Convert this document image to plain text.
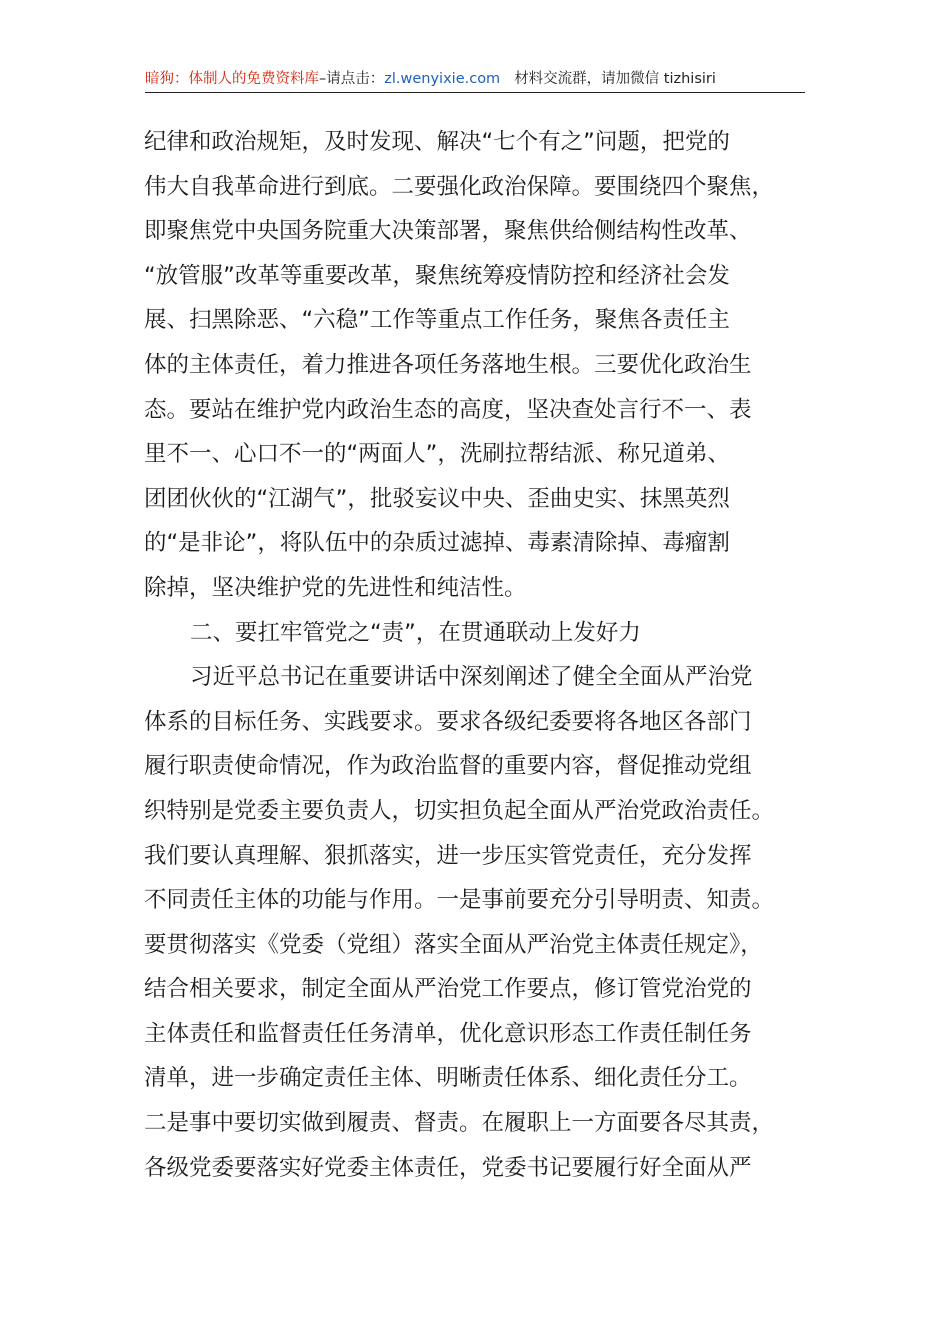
暗狗：体制人的免费资料库–请点击：zl.wenyixie.com 材料交流群，请加微信 tizhisiri
纪律和政治规矩，及时发现、解决“七个有之”问题，把党的
伟大自我革命进行到底。二要强化政治保障。要围绕四个聚焦，
即聚焦党中央国务院重大决策部署，聚焦供给侧结构性改革、
“放管服”改革等重要改革，聚焦统筹疫情防控和经济社会发
展、扫黑除恶、“六稳”工作等重点工作任务，聚焦各责任主
体的主体责任，着力推进各项任务落地生根。三要优化政治生
态。要站在维护党内政治生态的高度，坚决查处言行不一、表
里不一、心口不一的“两面人”，洗刷拉帮结派、称兄道弟、
团团伙伙的“江湖气”，批驳妄议中央、歪曲史实、抹黑英烈
的“是非论”，将队伍中的杂质过滤掉、毒素清除掉、毒瘤割
除掉，坚决维护党的先进性和纯洁性。
二、要扛牢管党之“责”，在贯通联动上发好力
习近平总书记在重要讲话中深刻阐述了健全全面从严治党
体系的目标任务、实践要求。要求各级纪委要将各地区各部门
履行职责使命情况，作为政治监督的重要内容，督促推动党组
织特别是党委主要负责人，切实担负起全面从严治党政治责任。
我们要认真理解、狠抓落实，进一步压实管党责任，充分发挥
不同责任主体的功能与作用。一是事前要充分引导明责、知责。
要贯彻落实《党委（党组）落实全面从严治党主体责任规定》，
结合相关要求，制定全面从严治党工作要点，修订管党治党的
主体责任和监督责任任务清单，优化意识形态工作责任制任务
清单，进一步确定责任主体、明晰责任体系、细化责任分工。
二是事中要切实做到履责、督责。在履职上一方面要各尽其责，
各级党委要落实好党委主体责任，党委书记要履行好全面从严
